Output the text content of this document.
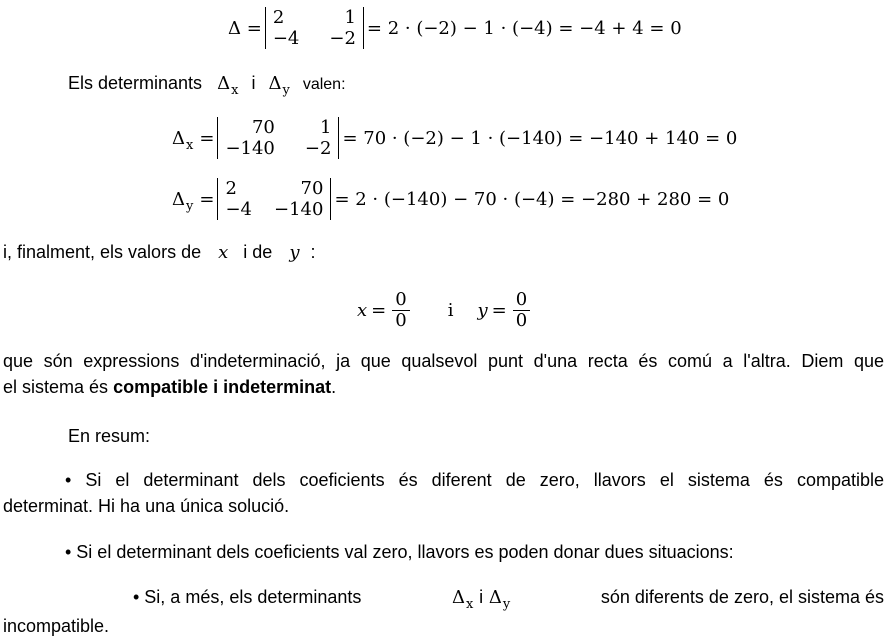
Δ = 2	1
−4	−2 = 2 · (−2) − 1 · (−4) = −4 + 4 = 0
Els determinants $\Delta_x$ i $\Delta_y$ valen:
$\Delta_x = 70$	1
−140	−2 = 70 · (−2) − 1 · (−140) = −140 + 140 = 0
$\Delta_y = 2$	70
−4	−140 = 2 · (−140) − 70 · (−4) = −280 + 280 = 0
i, finalment, els valors de x i de y :
$x = \frac{0}{0}$ i $y = \frac{0}{0}$
que són expressions d'indeterminació, ja que qualsevol punt d'una recta és comú a l'altra. Diem que
el sistema és compatible i indeterminat.
En resum:
• Si el determinant dels coeficients és diferent de zero, llavors el sistema és compatible
determinat. Hi ha una única solució.
• Si el determinant dels coeficients val zero, llavors es poden donar dues situacions:
• Si, a més, els determinants	$\Delta_x$ i $\Delta_y$	són diferents de zero, el sistema és
incompatible.
